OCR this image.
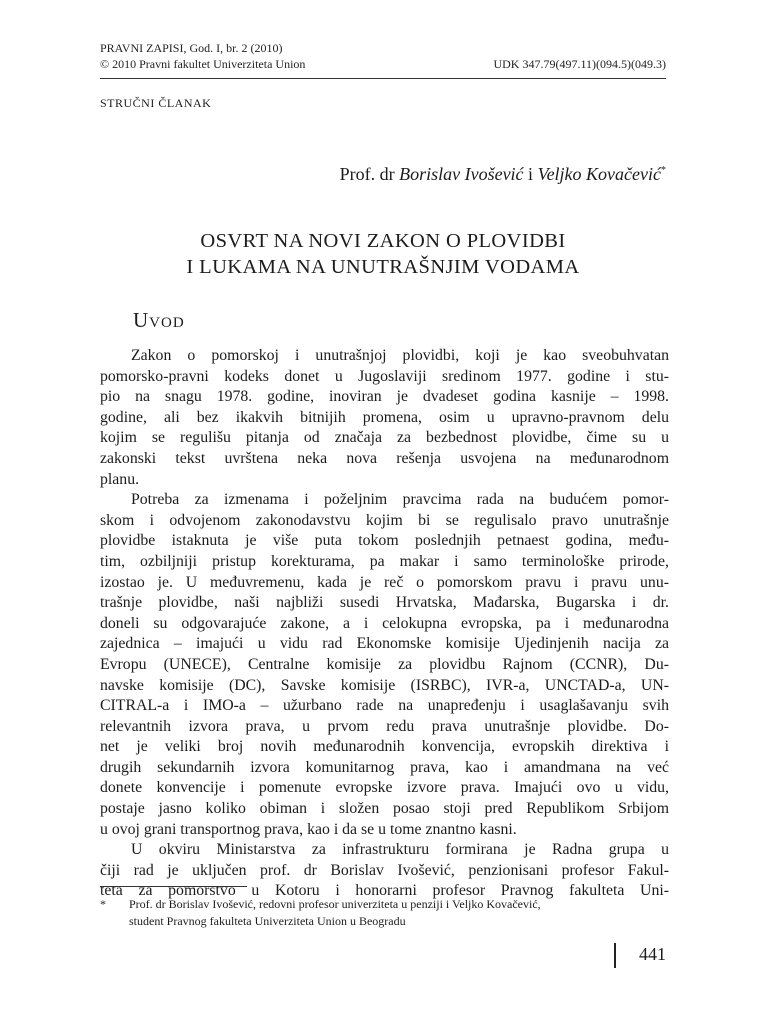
PRAVNI ZAPISI, God. I, br. 2 (2010)
© 2010 Pravni fakultet Univerziteta Union	UDK 347.79(497.11)(094.5)(049.3)
STRUČNI ČLANAK
Prof. dr Borislav Ivošević i Veljko Kovačević*
OSVRT NA NOVI ZAKON O PLOVIDBI
I LUKAMA NA UNUTRAŠNJIM VODAMA
Uvod
Zakon o pomorskoj i unutrašnjoj plovidbi, koji je kao sveobuhvatan
pomorsko-pravni kodeks donet u Jugoslaviji sredinom 1977. godine i stu-
pio na snagu 1978. godine, inoviran je dvadeset godina kasnije – 1998.
godine, ali bez ikakvih bitnijih promena, osim u upravno-pravnom delu
kojim se regulišu pitanja od značaja za bezbednost plovidbe, čime su u
zakonski tekst uvrštena neka nova rešenja usvojena na međunarodnom
planu.
Potreba za izmenama i poželjnim pravcima rada na budućem pomor-
skom i odvojenom zakonodavstvu kojim bi se regulisalo pravo unutrašnje
plovidbe istaknuta je više puta tokom poslednjih petnaest godina, među-
tim, ozbiljniji pristup korekturama, pa makar i samo terminološke prirode,
izostao je. U međuvremenu, kada je reč o pomorskom pravu i pravu unu-
trašnje plovidbe, naši najbliži susedi Hrvatska, Mađarska, Bugarska i dr.
doneli su odgovarajuće zakone, a i celokupna evropska, pa i međunarodna
zajednica – imajući u vidu rad Ekonomske komisije Ujedinjenih nacija za
Evropu (UNECE), Centralne komisije za plovidbu Rajnom (CCNR), Du-
navske komisije (DC), Savske komisije (ISRBC), IVR-a, UNCTAD-a, UN-
CITRAL-a i IMO-a – užurbano rade na unapređenju i usaglašavanju svih
relevantnih izvora prava, u prvom redu prava unutrašnje plovidbe. Do-
net je veliki broj novih međunarodnih konvencija, evropskih direktiva i
drugih sekundarnih izvora komunitarnog prava, kao i amandmana na već
donete konvencije i pomenute evropske izvore prava. Imajući ovo u vidu,
postaje jasno koliko obiman i složen posao stoji pred Republikom Srbijom
u ovoj grani transportnog prava, kao i da se u tome znantno kasni.
U okviru Ministarstva za infrastrukturu formirana je Radna grupa u
čiji rad je uključen prof. dr Borislav Ivošević, penzionisani profesor Fakul-
teta za pomorstvo u Kotoru i honorarni profesor Pravnog fakulteta Uni-
* Prof. dr Borislav Ivošević, redovni profesor univerziteta u penziji i Veljko Kovačević,
student Pravnog fakulteta Univerziteta Union u Beogradu
441
